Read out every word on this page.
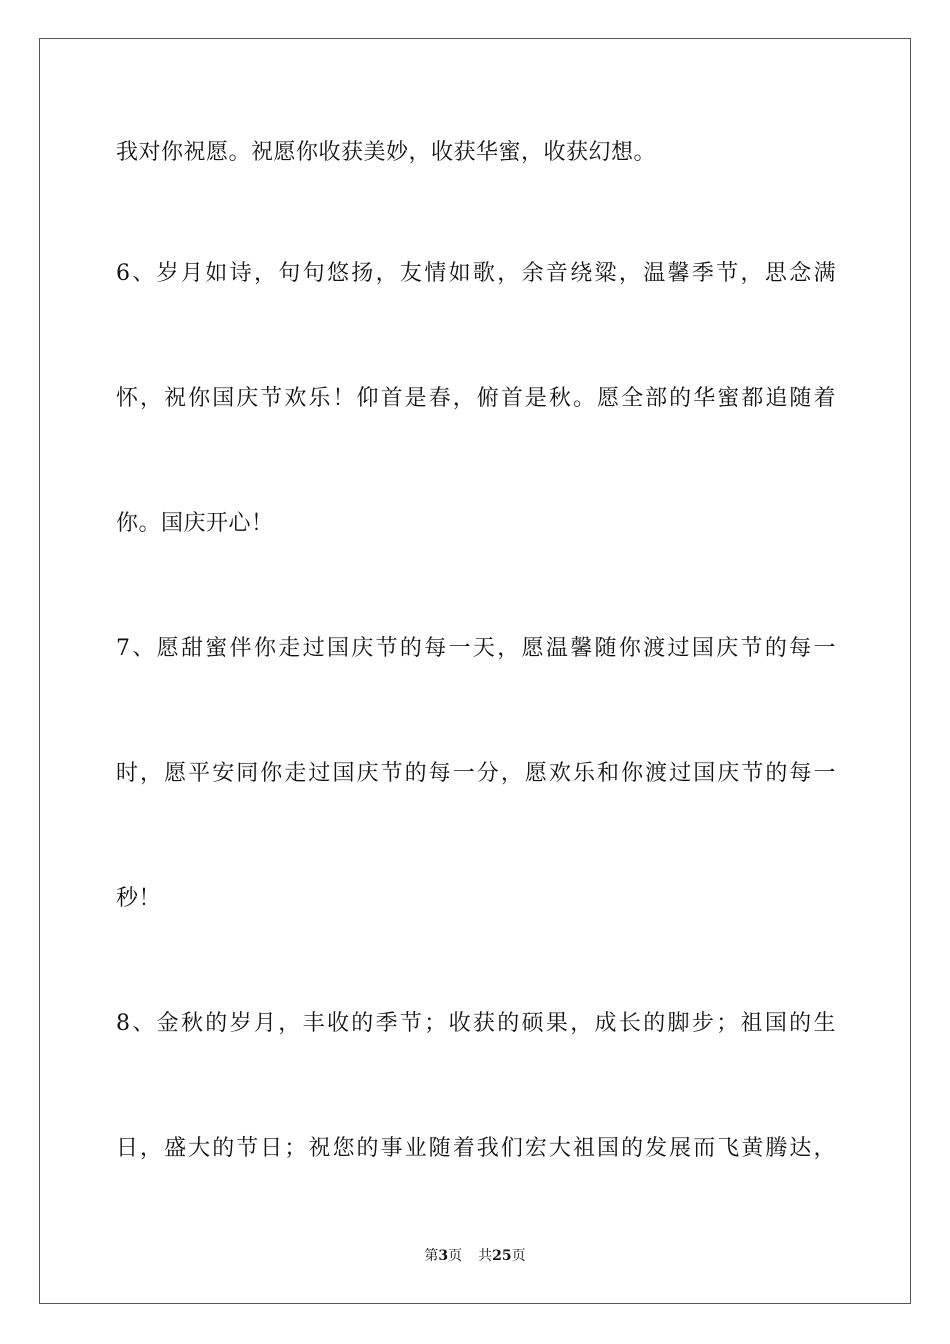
我对你祝愿。祝愿你收获美妙，收获华蜜，收获幻想。
6、岁月如诗，句句悠扬，友情如歌，余音绕粱，温馨季节，思念满
怀，祝你国庆节欢乐！仰首是春，俯首是秋。愿全部的华蜜都追随着
你。国庆开心！
7、愿甜蜜伴你走过国庆节的每一天，愿温馨随你渡过国庆节的每一
时，愿平安同你走过国庆节的每一分，愿欢乐和你渡过国庆节的每一
秒！
8、金秋的岁月，丰收的季节；收获的硕果，成长的脚步；祖国的生
日，盛大的节日；祝您的事业随着我们宏大祖国的发展而飞黄腾达，
第3页 共25页
